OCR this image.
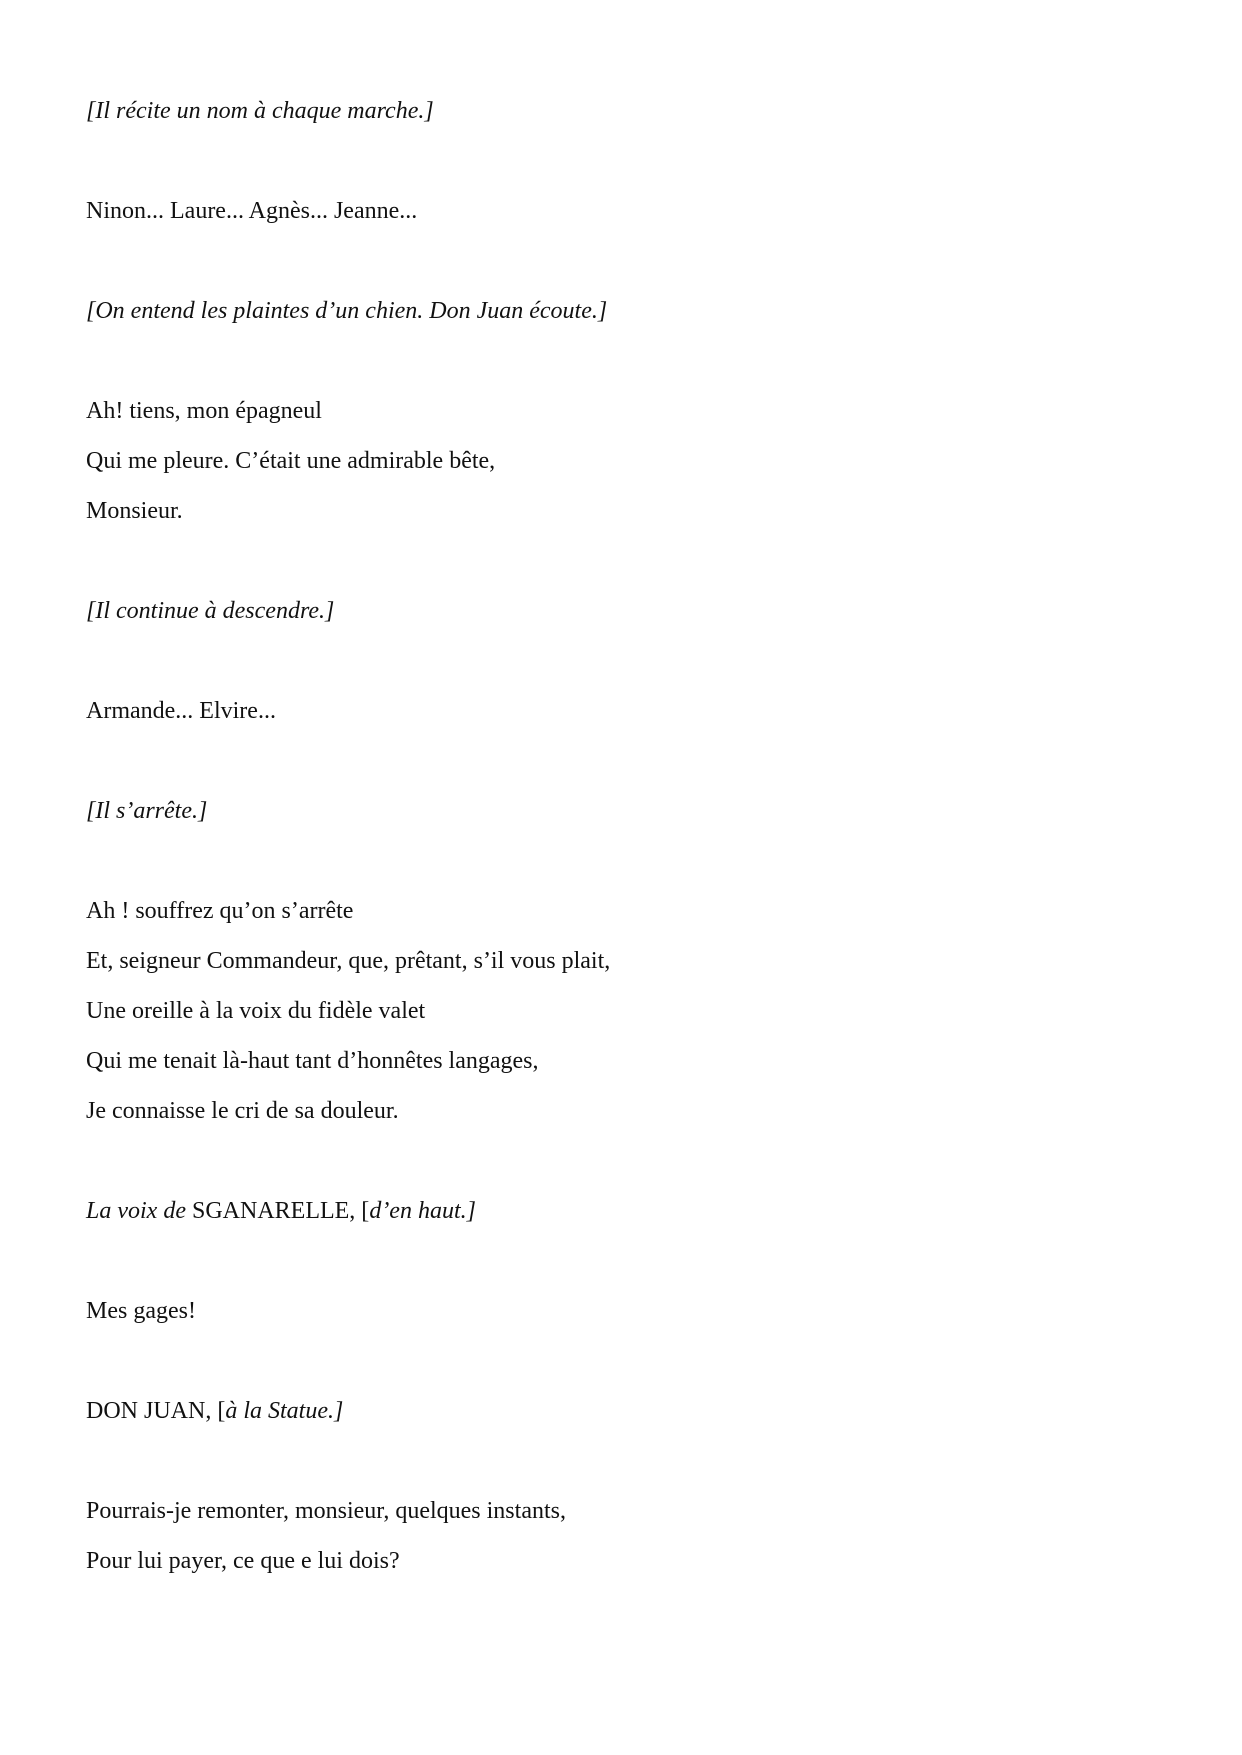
[Il récite un nom à chaque marche.]
Ninon... Laure... Agnès... Jeanne...
[On entend les plaintes d’un chien. Don Juan écoute.]
Ah! tiens, mon épagneul
Qui me pleure. C’était une admirable bête,
Monsieur.
[Il continue à descendre.]
Armande... Elvire...
[Il s’arrête.]
Ah ! souffrez qu’on s’arrête
Et, seigneur Commandeur, que, prêtant, s’il vous plait,
Une oreille à la voix du fidèle valet
Qui me tenait là-haut tant d’honnêtes langages,
Je connaisse le cri de sa douleur.
La voix de SGANARELLE, [d’en haut.]
Mes gages!
DON JUAN, [à la Statue.]
Pourrais-je remonter, monsieur, quelques instants,
Pour lui payer, ce que e lui dois?
